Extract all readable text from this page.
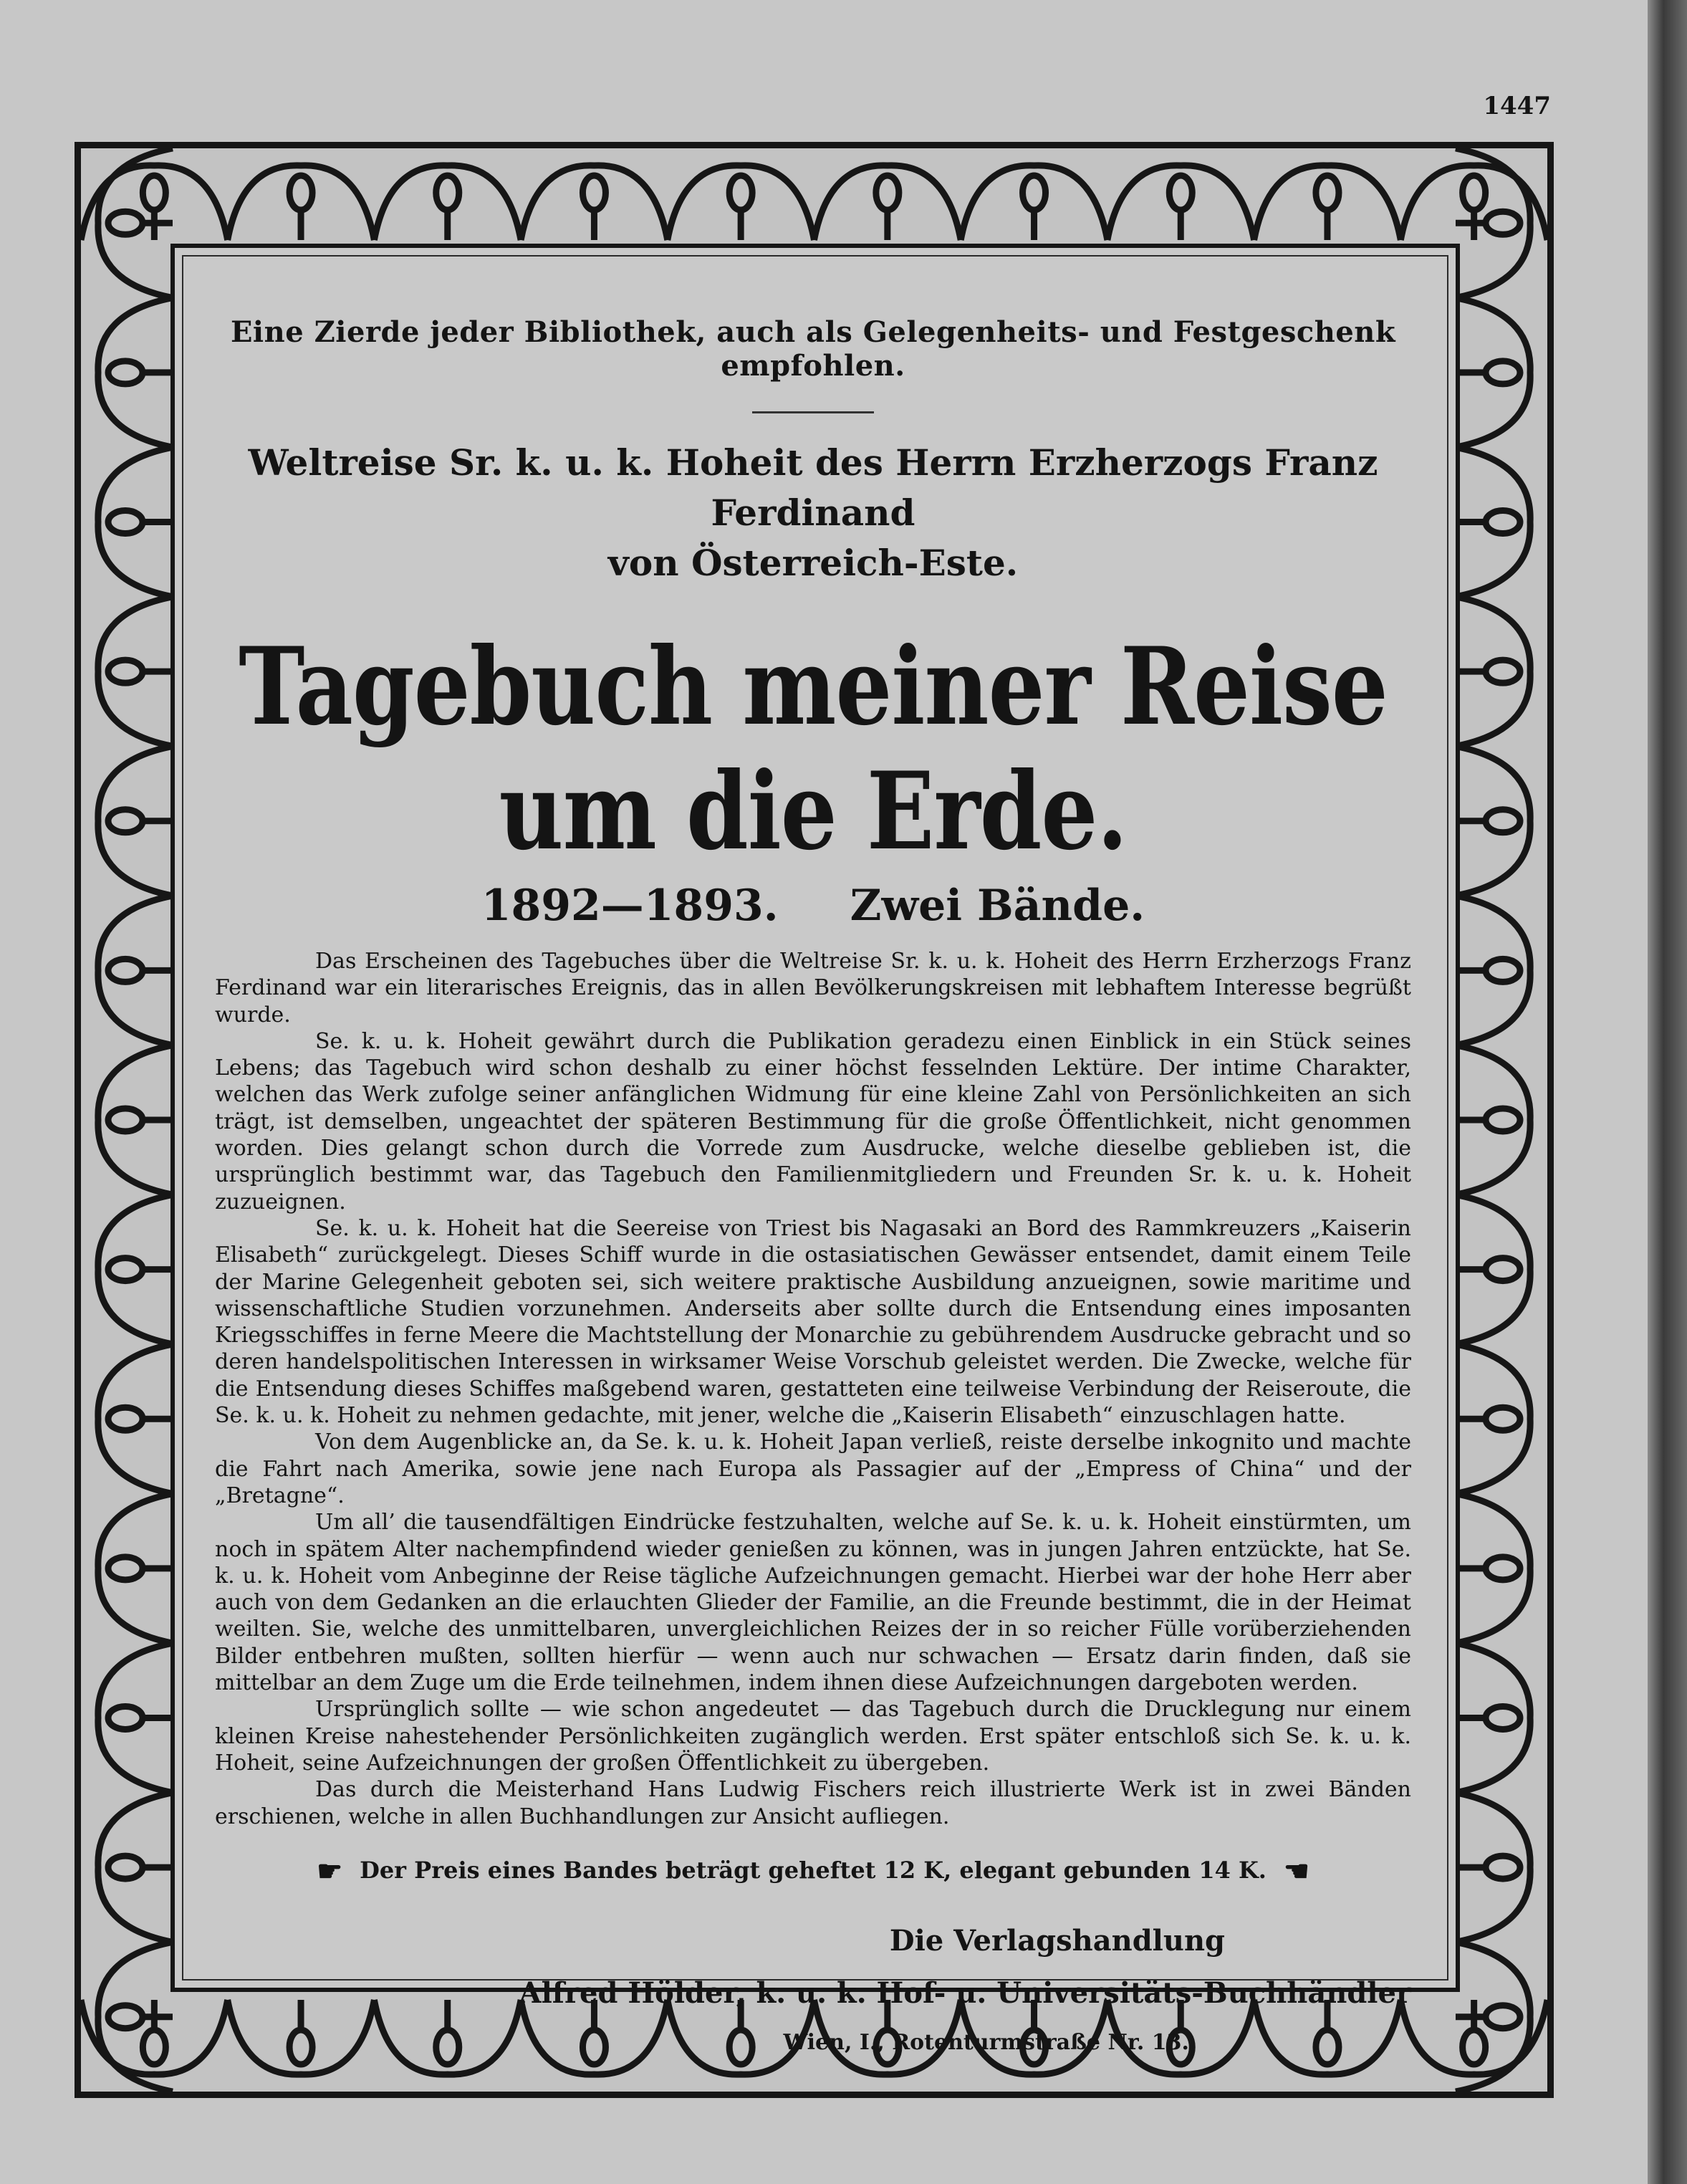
1447

Eine Zierde jeder Bibliothek, auch als Gelegenheits- und Festgeschenk empfohlen.

Weltreise Sr. k. u. k. Hoheit des Herrn Erzherzogs Franz Ferdinand

von Österreich-Este.

Tagebuch meiner Reise um die Erde.
1892—1893. Zwei Bände.

Das Erscheinen des Tagebuches über die Weltreise Sr. k. u. k. Hoheit des Herrn Erzherzogs Franz Ferdinand war ein literarisches Ereignis, das in allen Bevölkerungskreisen mit lebhaftem Interesse begrüßt wurde.

Se. k. u. k. Hoheit gewährt durch die Publikation geradezu einen Einblick in ein Stück seines Lebens; das Tagebuch wird schon deshalb zu einer höchst fesselnden Lektüre. Der intime Charakter, welchen das Werk zufolge seiner anfänglichen Widmung für eine kleine Zahl von Persönlichkeiten an sich trägt, ist demselben, ungeachtet der späteren Bestimmung für die große Öffentlichkeit, nicht genommen worden. Dies gelangt schon durch die Vorrede zum Ausdrucke, welche dieselbe geblieben ist, die ursprünglich bestimmt war, das Tagebuch den Familienmitgliedern und Freunden Sr. k. u. k. Hoheit zuzueignen.

Se. k. u. k. Hoheit hat die Seereise von Triest bis Nagasaki an Bord des Rammkreuzers „Kaiserin Elisabeth“ zurückgelegt. Dieses Schiff wurde in die ostasiatischen Gewässer entsendet, damit einem Teile der Marine Gelegenheit geboten sei, sich weitere praktische Ausbildung anzueignen, sowie maritime und wissenschaftliche Studien vorzunehmen. Anderseits aber sollte durch die Entsendung eines imposanten Kriegsschiffes in ferne Meere die Machtstellung der Monarchie zu gebührendem Ausdrucke gebracht und so deren handelspolitischen Interessen in wirksamer Weise Vorschub geleistet werden. Die Zwecke, welche für die Entsendung dieses Schiffes maßgebend waren, gestatteten eine teilweise Verbindung der Reiseroute, die Se. k. u. k. Hoheit zu nehmen gedachte, mit jener, welche die „Kaiserin Elisabeth“ einzuschlagen hatte.

Von dem Augenblicke an, da Se. k. u. k. Hoheit Japan verließ, reiste derselbe inkognito und machte die Fahrt nach Amerika, sowie jene nach Europa als Passagier auf der „Empress of China“ und der „Bretagne“.

Um all’ die tausendfältigen Eindrücke festzuhalten, welche auf Se. k. u. k. Hoheit einstürmten, um noch in spätem Alter nachempfindend wieder genießen zu können, was in jungen Jahren entzückte, hat Se. k. u. k. Hoheit vom Anbeginne der Reise tägliche Aufzeichnungen gemacht. Hierbei war der hohe Herr aber auch von dem Gedanken an die erlauchten Glieder der Familie, an die Freunde bestimmt, die in der Heimat weilten. Sie, welche des unmittelbaren, unvergleichlichen Reizes der in so reicher Fülle vorüberziehenden Bilder entbehren mußten, sollten hierfür — wenn auch nur schwachen — Ersatz darin finden, daß sie mittelbar an dem Zuge um die Erde teilnehmen, indem ihnen diese Aufzeichnungen dargeboten werden.

Ursprünglich sollte — wie schon angedeutet — das Tagebuch durch die Drucklegung nur einem kleinen Kreise nahestehender Persönlichkeiten zugänglich werden. Erst später entschloß sich Se. k. u. k. Hoheit, seine Aufzeichnungen der großen Öffentlichkeit zu übergeben.

Das durch die Meisterhand Hans Ludwig Fischers reich illustrierte Werk ist in zwei Bänden erschienen, welche in allen Buchhandlungen zur Ansicht aufliegen.

☛ Der Preis eines Bandes beträgt geheftet 12 K, elegant gebunden 14 K. ☚

Die Verlagshandlung

Alfred Hölder, k. u. k. Hof- u. Universitäts-Buchhändler

Wien, I., Rotenturmstraße Nr. 13.
